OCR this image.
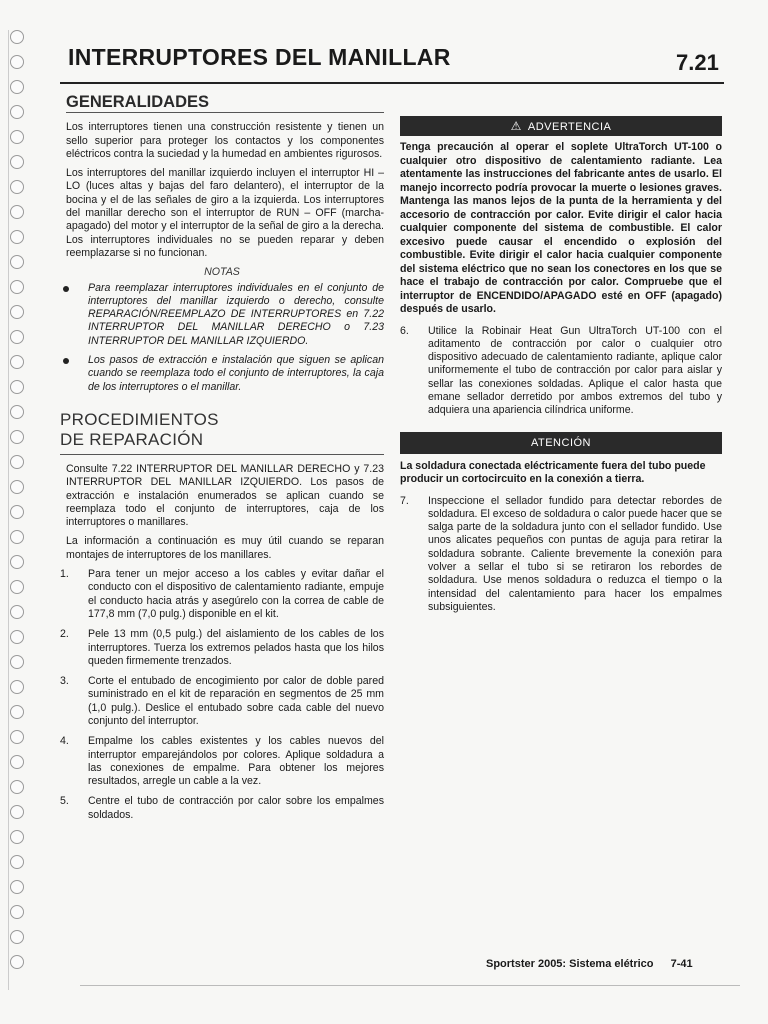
INTERRUPTORES DEL MANILLAR	7.21
GENERALIDADES

Los interruptores tienen una construcción resistente y tienen un sello superior para proteger los contactos y los componentes eléctricos contra la suciedad y la humedad en ambientes rigurosos.

Los interruptores del manillar izquierdo incluyen el interruptor HI – LO (luces altas y bajas del faro delantero), el interruptor de la bocina y el de las señales de giro a la izquierda. Los interruptores del manillar derecho son el interruptor de RUN – OFF (marcha-apagado) del motor y el interruptor de la señal de giro a la derecha. Los interruptores individuales no se pueden reparar y deben reemplazarse si no funcionan.

NOTAS
Para reemplazar interruptores individuales en el conjunto de interruptores del manillar izquierdo o derecho, consulte REPARACIÓN/REEMPLAZO DE INTERRUPTORES en 7.22 INTERRUPTOR DEL MANILLAR DERECHO o 7.23 INTERRUPTOR DEL MANILLAR IZQUIERDO.
Los pasos de extracción e instalación que siguen se aplican cuando se reemplaza todo el conjunto de interruptores, la caja de los interruptores o el manillar.
PROCEDIMIENTOS
DE REPARACIÓN

Consulte 7.22 INTERRUPTOR DEL MANILLAR DERECHO y 7.23 INTERRUPTOR DEL MANILLAR IZQUIERDO. Los pasos de extracción e instalación enumerados se aplican cuando se reemplaza todo el conjunto de interruptores, caja de los interruptores o manillares.

La información a continuación es muy útil cuando se reparan montajes de interruptores de los manillares.

1. Para tener un mejor acceso a los cables y evitar dañar el conducto con el dispositivo de calentamiento radiante, empuje el conducto hacia atrás y asegúrelo con la correa de cable de 177,8 mm (7,0 pulg.) disponible en el kit.
2. Pele 13 mm (0,5 pulg.) del aislamiento de los cables de los interruptores. Tuerza los extremos pelados hasta que los hilos queden firmemente trenzados.
3. Corte el entubado de encogimiento por calor de doble pared suministrado en el kit de reparación en segmentos de 25 mm (1,0 pulg.). Deslice el entubado sobre cada cable del nuevo conjunto del interruptor.
4. Empalme los cables existentes y los cables nuevos del interruptor emparejándolos por colores. Aplique soldadura a las conexiones de empalme. Para obtener los mejores resultados, arregle un cable a la vez.
5. Centre el tubo de contracción por calor sobre los empalmes soldados.
⚠ ADVERTENCIA
Tenga precaución al operar el soplete UltraTorch UT-100 o cualquier otro dispositivo de calentamiento radiante. Lea atentamente las instrucciones del fabricante antes de usarlo. El manejo incorrecto podría provocar la muerte o lesiones graves. Mantenga las manos lejos de la punta de la herramienta y del accesorio de contracción por calor. Evite dirigir el calor hacia cualquier componente del sistema de combustible. El calor excesivo puede causar el encendido o explosión del combustible. Evite dirigir el calor hacia cualquier componente del sistema eléctrico que no sean los conectores en los que se hace el trabajo de contracción por calor. Compruebe que el interruptor de ENCENDIDO/APAGADO esté en OFF (apagado) después de usarlo.
6. Utilice la Robinair Heat Gun UltraTorch UT-100 con el aditamento de contracción por calor o cualquier otro dispositivo adecuado de calentamiento radiante, aplique calor uniformemente el tubo de contracción por calor para aislar y sellar las conexiones soldadas. Aplique el calor hasta que emane sellador derretido por ambos extremos del tubo y adquiera una apariencia cilíndrica uniforme.
ATENCIÓN
La soldadura conectada eléctricamente fuera del tubo puede producir un cortocircuito en la conexión a tierra.
7. Inspeccione el sellador fundido para detectar rebordes de soldadura. El exceso de soldadura o calor puede hacer que se salga parte de la soldadura junto con el sellador fundido. Use unos alicates pequeños con puntas de aguja para retirar la soldadura sobrante. Caliente brevemente la conexión para volver a sellar el tubo si se retiraron los rebordes de soldadura. Use menos soldadura o reduzca el tiempo o la intensidad del calentamiento para hacer los empalmes subsiguientes.
Sportster 2005: Sistema elétrico 7-41
